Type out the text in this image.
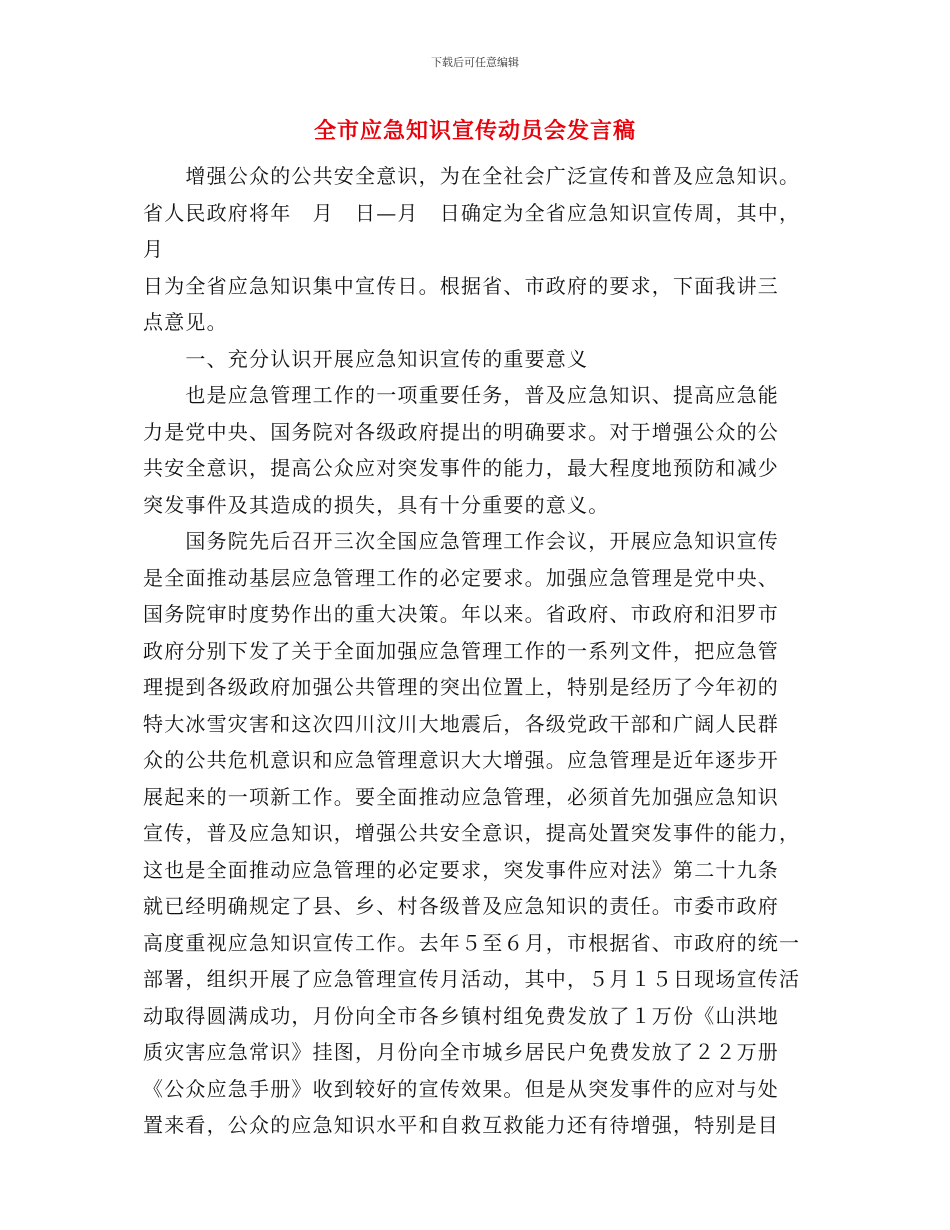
下载后可任意编辑
全市应急知识宣传动员会发言稿

　　增强公众的公共安全意识，为在全社会广泛宣传和普及应急知识。
省人民政府将年　月　日—月　日确定为全省应急知识宣传周，其中，月
日为全省应急知识集中宣传日。根据省、市政府的要求，下面我讲三
点意见。

　　一、充分认识开展应急知识宣传的重要意义

　　也是应急管理工作的一项重要任务，普及应急知识、提高应急能
力是党中央、国务院对各级政府提出的明确要求。对于增强公众的公
共安全意识，提高公众应对突发事件的能力，最大程度地预防和减少
突发事件及其造成的损失，具有十分重要的意义。

　　国务院先后召开三次全国应急管理工作会议，开展应急知识宣传
是全面推动基层应急管理工作的必定要求。加强应急管理是党中央、
国务院审时度势作出的重大决策。年以来。省政府、市政府和汨罗市
政府分别下发了关于全面加强应急管理工作的一系列文件，把应急管
理提到各级政府加强公共管理的突出位置上，特别是经历了今年初的
特大冰雪灾害和这次四川汶川大地震后，各级党政干部和广阔人民群
众的公共危机意识和应急管理意识大大增强。应急管理是近年逐步开
展起来的一项新工作。要全面推动应急管理，必须首先加强应急知识
宣传，普及应急知识，增强公共安全意识，提高处置突发事件的能力，
这也是全面推动应急管理的必定要求，突发事件应对法》第二十九条
就已经明确规定了县、乡、村各级普及应急知识的责任。市委市政府
高度重视应急知识宣传工作。去年５至６月，市根据省、市政府的统一
部署，组织开展了应急管理宣传月活动，其中，５月１５日现场宣传活
动取得圆满成功，月份向全市各乡镇村组免费发放了１万份《山洪地
质灾害应急常识》挂图，月份向全市城乡居民户免费发放了２２万册
《公众应急手册》收到较好的宣传效果。但是从突发事件的应对与处
置来看，公众的应急知识水平和自救互救能力还有待增强，特别是目
